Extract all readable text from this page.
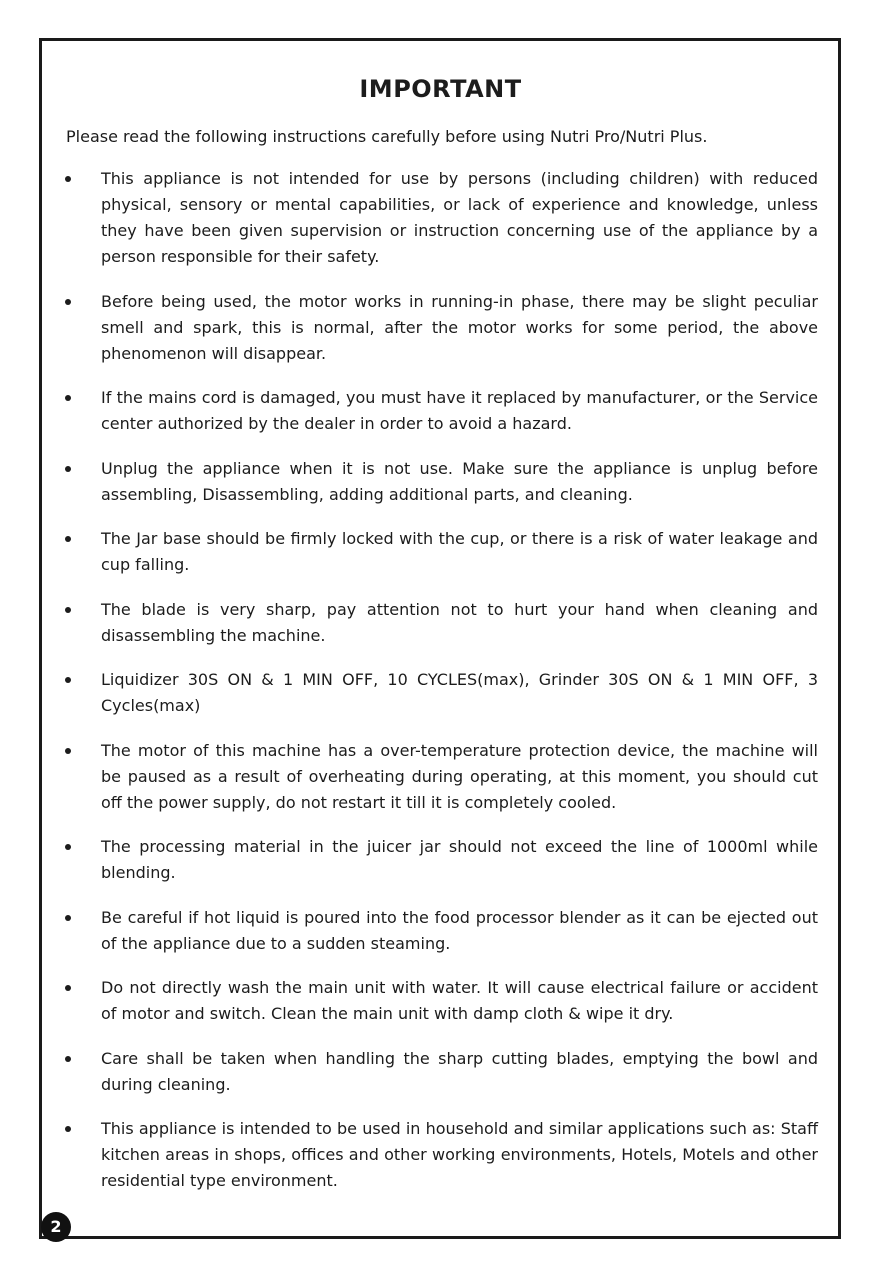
IMPORTANT

Please read the following instructions carefully before using Nutri Pro/Nutri Plus.

This appliance is not intended for use by persons (including children) with reduced physical, sensory or mental capabilities, or lack of experience and knowledge, unless they have been given supervision or instruction concerning use of the appliance by a person responsible for their safety.
Before being used, the motor works in running-in phase, there may be slight peculiar smell and spark, this is normal, after the motor works for some period, the above phenomenon will disappear.
If the mains cord is damaged, you must have it replaced by manufacturer, or the Service center authorized by the dealer in order to avoid a hazard.
Unplug the appliance when it is not use. Make sure the appliance is unplug before assembling, Disassembling, adding additional parts, and cleaning.
The Jar base should be firmly locked with the cup, or there is a risk of water leakage and cup falling.
The blade is very sharp, pay attention not to hurt your hand when cleaning and disassembling the machine.
Liquidizer 30S ON & 1 MIN OFF, 10 CYCLES(max), Grinder 30S ON & 1 MIN OFF, 3 Cycles(max)
The motor of this machine has a over-temperature protection device, the machine will be paused as a result of overheating during operating, at this moment, you should cut off the power supply, do not restart it till it is completely cooled.
The processing material in the juicer jar should not exceed the line of 1000ml while blending.
Be careful if hot liquid is poured into the food processor blender as it can be ejected out of the appliance due to a sudden steaming.
Do not directly wash the main unit with water. It will cause electrical failure or accident of motor and switch. Clean the main unit with damp cloth & wipe it dry.
Care shall be taken when handling the sharp cutting blades, emptying the bowl and during cleaning.
This appliance is intended to be used in household and similar applications such as: Staff kitchen areas in shops, offices and other working environments, Hotels, Motels and other residential type environment.
2
